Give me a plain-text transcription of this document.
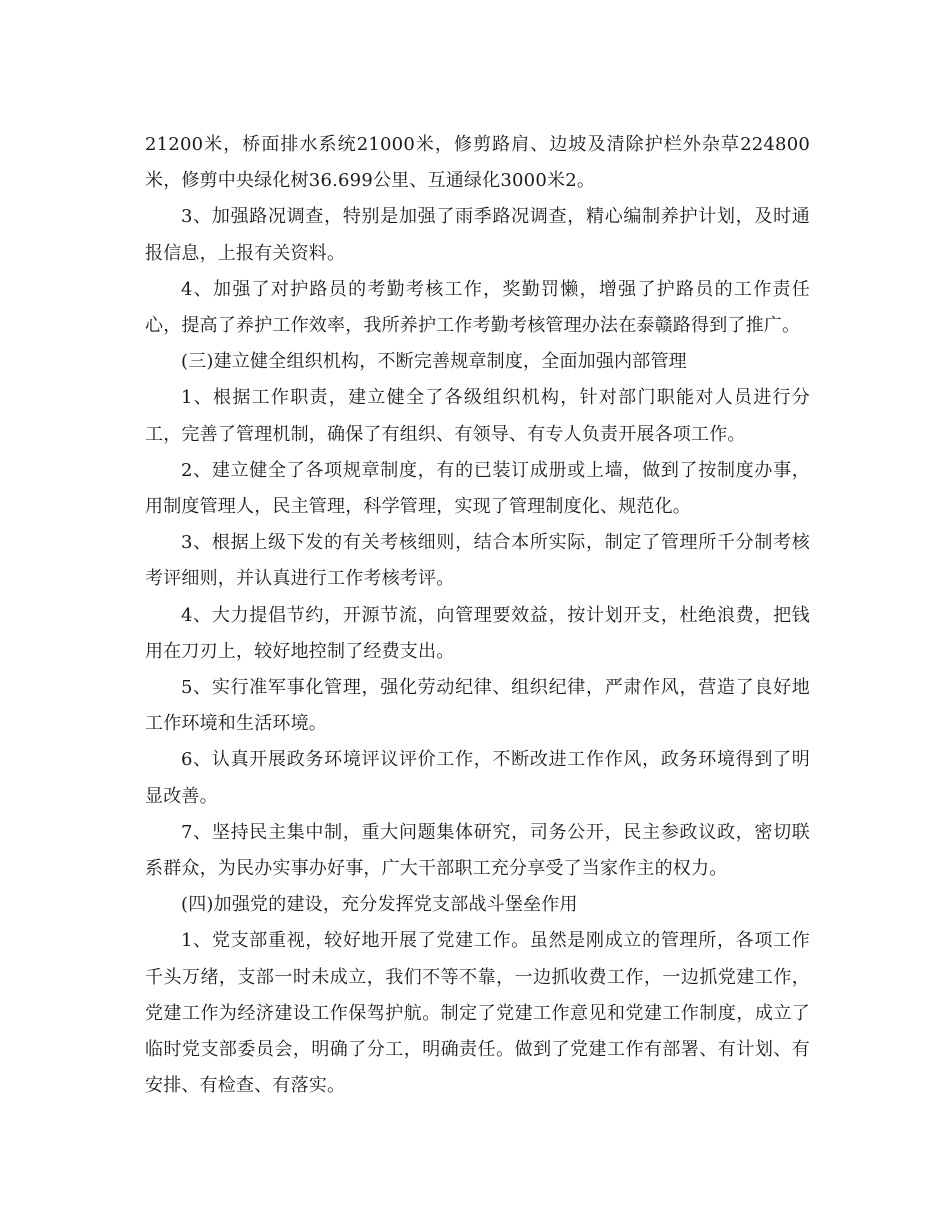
21200米，桥面排水系统21000米，修剪路肩、边坡及清除护栏外杂草224800米，修剪中央绿化树36.699公里、互通绿化3000米2。

3、加强路况调查，特别是加强了雨季路况调查，精心编制养护计划，及时通报信息，上报有关资料。

4、加强了对护路员的考勤考核工作，奖勤罚懒，增强了护路员的工作责任心，提高了养护工作效率，我所养护工作考勤考核管理办法在泰赣路得到了推广。

(三)建立健全组织机构，不断完善规章制度，全面加强内部管理

1、根据工作职责，建立健全了各级组织机构，针对部门职能对人员进行分工，完善了管理机制，确保了有组织、有领导、有专人负责开展各项工作。

2、建立健全了各项规章制度，有的已装订成册或上墙，做到了按制度办事，用制度管理人，民主管理，科学管理，实现了管理制度化、规范化。

3、根据上级下发的有关考核细则，结合本所实际，制定了管理所千分制考核考评细则，并认真进行工作考核考评。

4、大力提倡节约，开源节流，向管理要效益，按计划开支，杜绝浪费，把钱用在刀刃上，较好地控制了经费支出。

5、实行准军事化管理，强化劳动纪律、组织纪律，严肃作风，营造了良好地工作环境和生活环境。

6、认真开展政务环境评议评价工作，不断改进工作作风，政务环境得到了明显改善。

7、坚持民主集中制，重大问题集体研究，司务公开，民主参政议政，密切联系群众，为民办实事办好事，广大干部职工充分享受了当家作主的权力。

(四)加强党的建设，充分发挥党支部战斗堡垒作用

1、党支部重视，较好地开展了党建工作。虽然是刚成立的管理所，各项工作千头万绪，支部一时未成立，我们不等不靠，一边抓收费工作，一边抓党建工作，党建工作为经济建设工作保驾护航。制定了党建工作意见和党建工作制度，成立了临时党支部委员会，明确了分工，明确责任。做到了党建工作有部署、有计划、有安排、有检查、有落实。
